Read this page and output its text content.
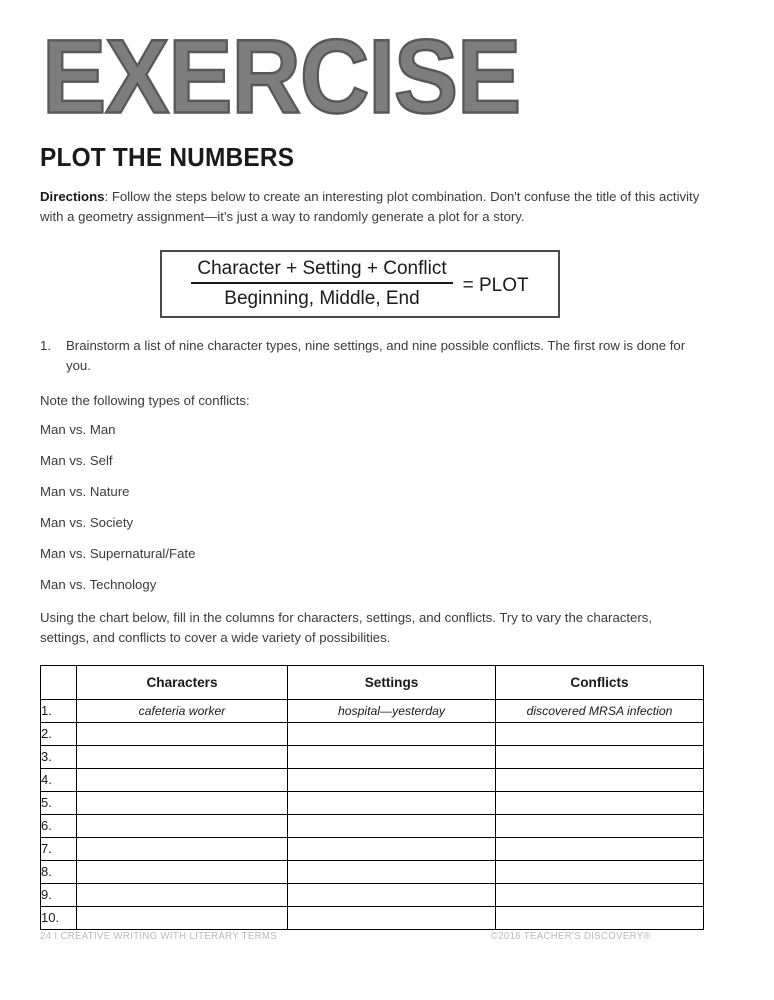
EXERCISE
PLOT THE NUMBERS

Directions: Follow the steps below to create an interesting plot combination. Don't confuse the title of this activity with a geometry assignment—it's just a way to randomly generate a plot for a story.

$\frac{\text{Character + Setting + Conflict}}{\text{Beginning, Middle, End}}$ = PLOT
1.	Brainstorm a list of nine character types, nine settings, and nine possible conflicts. The first row is done for you.
Note the following types of conflicts:
Man vs. Man
Man vs. Self
Man vs. Nature
Man vs. Society
Man vs. Supernatural/Fate
Man vs. Technology

Using the chart below, fill in the columns for characters, settings, and conflicts. Try to vary the characters, settings, and conflicts to cover a wide variety of possibilities.

	Characters	Settings	Conflicts
1.	cafeteria worker	hospital—yesterday	discovered MRSA infection
2.			
3.			
4.			
5.			
6.			
7.			
8.			
9.			
10.			
24 I CREATIVE WRITING WITH LITERARY TERMS	©2016 TEACHER'S DISCOVERY®
